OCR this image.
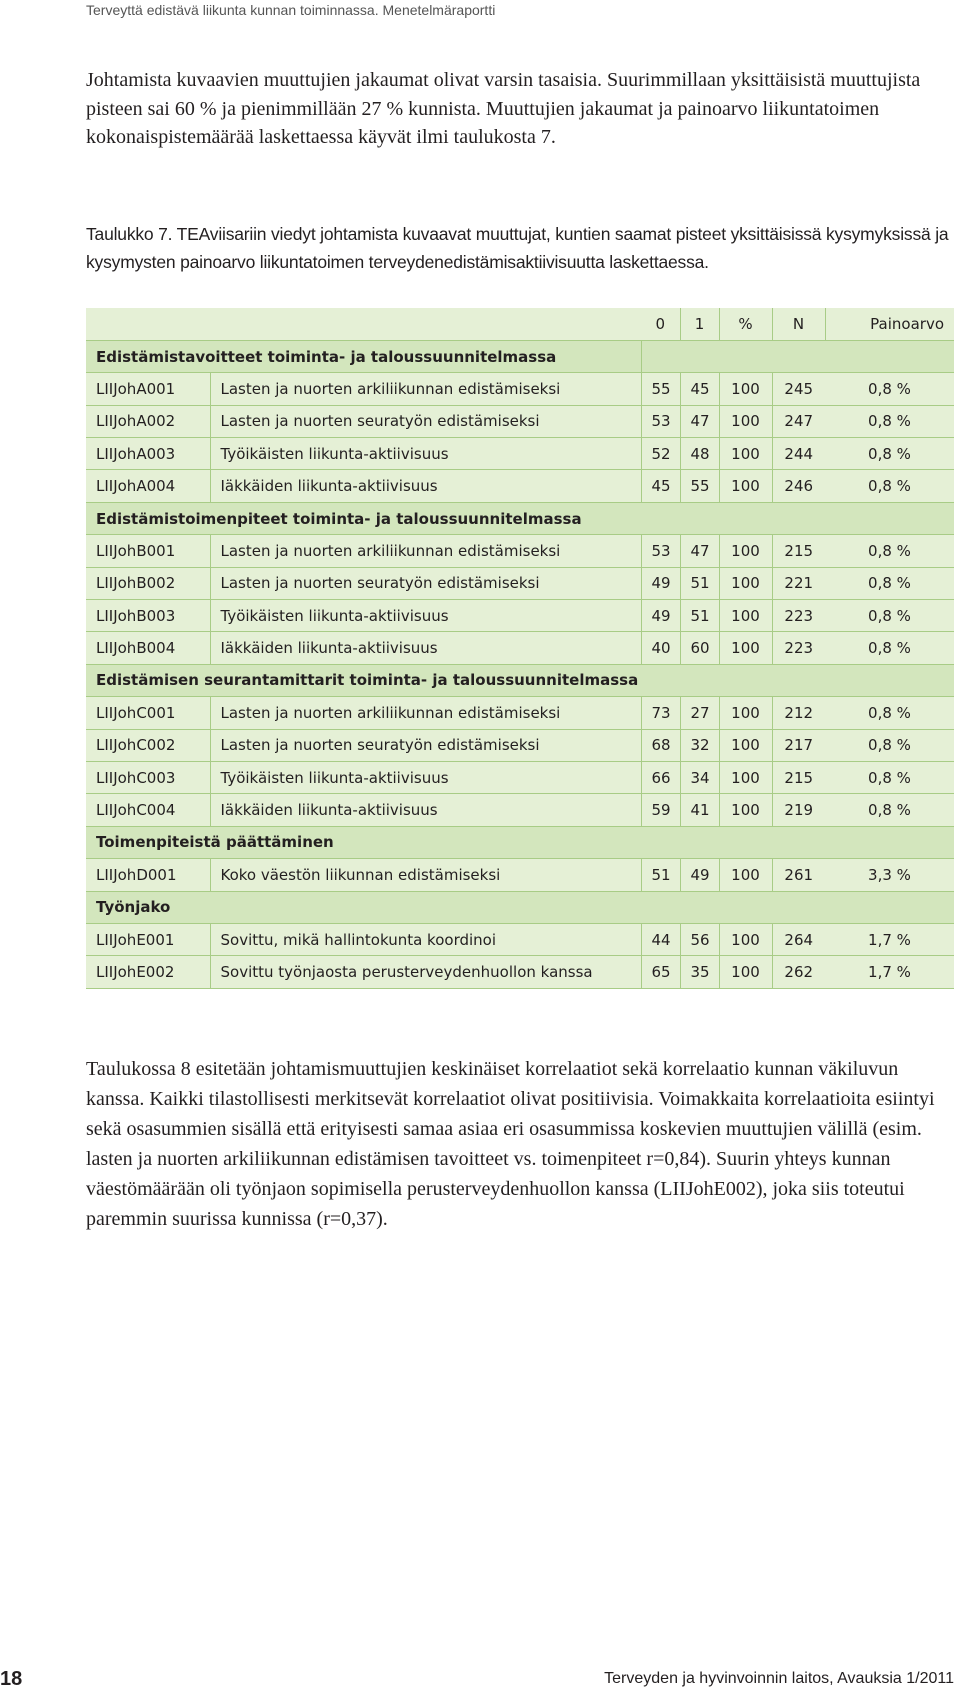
Terveyttä edistävä liikunta kunnan toiminnassa. Menetelmäraportti

Johtamista kuvaavien muuttujien jakaumat olivat varsin tasaisia. Suurimmillaan yksittäisistä muuttujista pisteen sai 60 % ja pienimmillään 27 % kunnista. Muuttujien jakaumat ja painoarvo liikuntatoimen kokonaispistemäärää laskettaessa käyvät ilmi taulukosta 7.

Taulukko 7. TEAviisariin viedyt johtamista kuvaavat muuttujat, kuntien saamat pisteet yksittäisissä kysymyksissä ja kysymysten painoarvo liikuntatoimen terveydenedistämisaktiivisuutta laskettaessa.

		0	1	%	N	Painoarvo
Edistämistavoitteet toiminta- ja taloussuunnitelmassa						
LIIJohA001	Lasten ja nuorten arkiliikunnan edistämiseksi	55	45	100	245	0,8 %
LIIJohA002	Lasten ja nuorten seuratyön edistämiseksi	53	47	100	247	0,8 %
LIIJohA003	Työikäisten liikunta-aktiivisuus	52	48	100	244	0,8 %
LIIJohA004	Iäkkäiden liikunta-aktiivisuus	45	55	100	246	0,8 %
Edistämistoimenpiteet toiminta- ja taloussuunnitelmassa						
LIIJohB001	Lasten ja nuorten arkiliikunnan edistämiseksi	53	47	100	215	0,8 %
LIIJohB002	Lasten ja nuorten seuratyön edistämiseksi	49	51	100	221	0,8 %
LIIJohB003	Työikäisten liikunta-aktiivisuus	49	51	100	223	0,8 %
LIIJohB004	Iäkkäiden liikunta-aktiivisuus	40	60	100	223	0,8 %
Edistämisen seurantamittarit toiminta- ja taloussuunnitelmassa						
LIIJohC001	Lasten ja nuorten arkiliikunnan edistämiseksi	73	27	100	212	0,8 %
LIIJohC002	Lasten ja nuorten seuratyön edistämiseksi	68	32	100	217	0,8 %
LIIJohC003	Työikäisten liikunta-aktiivisuus	66	34	100	215	0,8 %
LIIJohC004	Iäkkäiden liikunta-aktiivisuus	59	41	100	219	0,8 %
Toimenpiteistä päättäminen						
LIIJohD001	Koko väestön liikunnan edistämiseksi	51	49	100	261	3,3 %
Työnjako						
LIIJohE001	Sovittu, mikä hallintokunta koordinoi	44	56	100	264	1,7 %
LIIJohE002	Sovittu työnjaosta perusterveydenhuollon kanssa	65	35	100	262	1,7 %

Taulukossa 8 esitetään johtamismuuttujien keskinäiset korrelaatiot sekä korrelaatio kunnan väkiluvun kanssa. Kaikki tilastollisesti merkitsevät korrelaatiot olivat positiivisia. Voimakkaita korrelaatioita esiintyi sekä osasummien sisällä että erityisesti samaa asiaa eri osasummissa koskevien muuttujien välillä (esim. lasten ja nuorten arkiliikunnan edistämisen tavoitteet vs. toimenpiteet r=0,84). Suurin yhteys kunnan väestömäärään oli työnjaon sopimisella perusterveydenhuollon kanssa (LIIJohE002), joka siis toteutui paremmin suurissa kunnissa (r=0,37).

18	Terveyden ja hyvinvoinnin laitos, Avauksia 1/2011
